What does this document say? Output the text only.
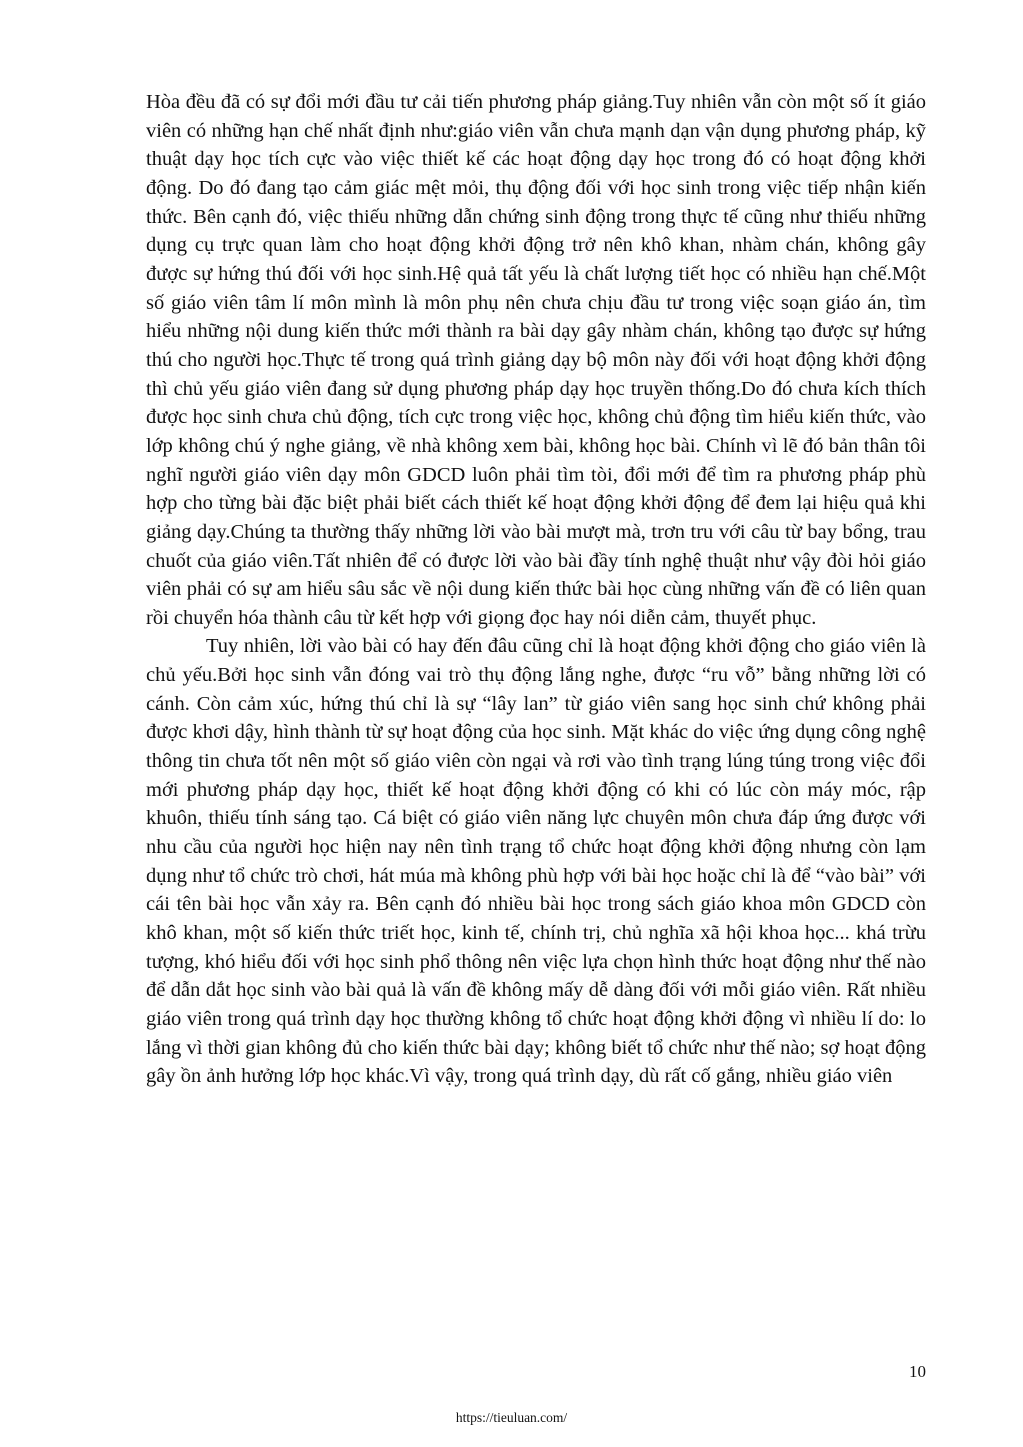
Hòa đều đã có sự đổi mới đầu tư cải tiến phương pháp giảng.Tuy nhiên vẫn còn một số ít giáo viên có những hạn chế nhất định như:giáo viên vẫn chưa mạnh dạn vận dụng phương pháp, kỹ thuật dạy học tích cực vào việc thiết kế các hoạt động dạy học trong đó có hoạt động khởi động. Do đó đang tạo cảm giác mệt mỏi, thụ động đối với học sinh trong việc tiếp nhận kiến thức. Bên cạnh đó, việc thiếu những dẫn chứng sinh động trong thực tế cũng như thiếu những dụng cụ trực quan làm cho hoạt động khởi động trở nên khô khan, nhàm chán, không gây được sự hứng thú đối với học sinh.Hệ quả tất yếu là chất lượng tiết học có nhiều hạn chế.Một số giáo viên tâm lí môn mình là môn phụ nên chưa chịu đầu tư trong việc soạn giáo án, tìm hiểu những nội dung kiến thức mới thành ra bài dạy gây nhàm chán, không tạo được sự hứng thú cho người học.Thực tế trong quá trình giảng dạy bộ môn này đối với hoạt động khởi động thì chủ yếu giáo viên đang sử dụng phương pháp dạy học truyền thống.Do đó chưa kích thích được học sinh chưa chủ động, tích cực trong việc học, không chủ động tìm hiểu kiến thức, vào lớp không chú ý nghe giảng, về nhà không xem bài, không học bài. Chính vì lẽ đó bản thân tôi nghĩ người giáo viên dạy môn GDCD luôn phải tìm tòi, đổi mới để tìm ra phương pháp phù hợp cho từng bài đặc biệt phải biết cách thiết kế hoạt động khởi động để đem lại hiệu quả khi giảng dạy.Chúng ta thường thấy những lời vào bài mượt mà, trơn tru với câu từ bay bổng, trau chuốt của giáo viên.Tất nhiên để có được lời vào bài đầy tính nghệ thuật như vậy đòi hỏi giáo viên phải có sự am hiểu sâu sắc về nội dung kiến thức bài học cùng những vấn đề có liên quan rồi chuyển hóa thành câu từ kết hợp với giọng đọc hay nói diễn cảm, thuyết phục.

Tuy nhiên, lời vào bài có hay đến đâu cũng chỉ là hoạt động khởi động cho giáo viên là chủ yếu.Bởi học sinh vẫn đóng vai trò thụ động lắng nghe, được “ru vỗ” bằng những lời có cánh. Còn cảm xúc, hứng thú chỉ là sự “lây lan” từ giáo viên sang học sinh chứ không phải được khơi dậy, hình thành từ sự hoạt động của học sinh. Mặt khác do việc ứng dụng công nghệ thông tin chưa tốt nên một số giáo viên còn ngại và rơi vào tình trạng lúng túng trong việc đổi mới phương pháp dạy học, thiết kế hoạt động khởi động có khi có lúc còn máy móc, rập khuôn, thiếu tính sáng tạo. Cá biệt có giáo viên năng lực chuyên môn chưa đáp ứng được với nhu cầu của người học hiện nay nên tình trạng tổ chức hoạt động khởi động nhưng còn lạm dụng như tổ chức trò chơi, hát múa mà không phù hợp với bài học hoặc chỉ là để “vào bài” với cái tên bài học vẫn xảy ra. Bên cạnh đó nhiều bài học trong sách giáo khoa môn GDCD còn khô khan, một số kiến thức triết học, kinh tế, chính trị, chủ nghĩa xã hội khoa học... khá trừu tượng, khó hiểu đối với học sinh phổ thông nên việc lựa chọn hình thức hoạt động như thế nào để dẫn dắt học sinh vào bài quả là vấn đề không mấy dễ dàng đối với mỗi giáo viên. Rất nhiều giáo viên trong quá trình dạy học thường không tổ chức hoạt động khởi động vì nhiều lí do: lo lắng vì thời gian không đủ cho kiến thức bài dạy; không biết tổ chức như thế nào; sợ hoạt động gây ồn ảnh hưởng lớp học khác.Vì vậy, trong quá trình dạy, dù rất cố gắng, nhiều giáo viên

10

https://tieuluan.com/
